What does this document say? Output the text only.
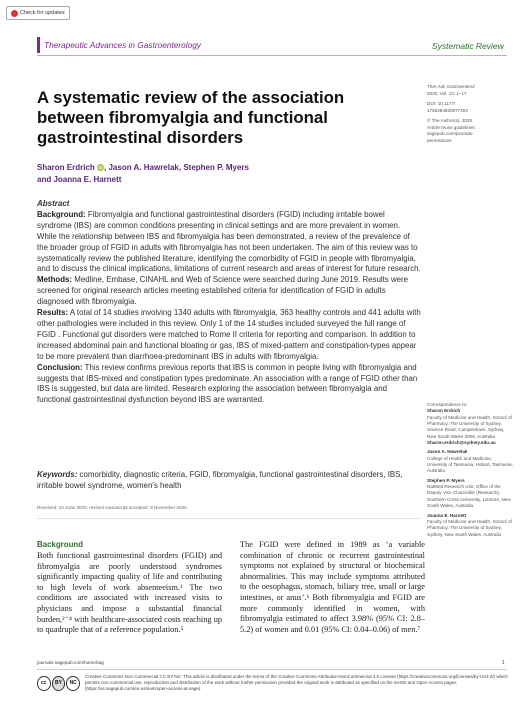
Check for updates
Therapeutic Advances in Gastroenterology	Systematic Review
Ther Adv Gastroenterol
2020, Vol. 13: 1–17
DOI: 10.1177/
1756284820977402
© The Author(s), 2020.
Article reuse guidelines:
sagepub.com/journals-
permissions
A systematic review of the association between fibromyalgia and functional gastrointestinal disorders
Sharon Erdrich iD, Jason A. Hawrelak, Stephen P. Myers
and Joanna E. Harnett
Abstract

Background: Fibromyalgia and functional gastrointestinal disorders (FGID) including irritable bowel syndrome (IBS) are common conditions presenting in clinical settings and are more prevalent in women. While the relationship between IBS and fibromyalgia has been demonstrated, a review of the prevalence of the broader group of FGID in adults with fibromyalgia has not been undertaken. The aim of this review was to systematically review the published literature, identifying the comorbidity of FGID in people with fibromyalgia, and to discuss the clinical implications, limitations of current research and areas of interest for future research.

Methods: Medline, Embase, CINAHL and Web of Science were searched during June 2019. Results were screened for original research articles meeting established criteria for identification of FGID in adults diagnosed with fibromyalgia.

Results: A total of 14 studies involving 1340 adults with fibromyalgia, 363 healthy controls and 441 adults with other pathologies were included in this review. Only 1 of the 14 studies included surveyed the full range of FGID . Functional gut disorders were matched to Rome II criteria for reporting and comparison. In addition to increased abdominal pain and functional bloating or gas, IBS of mixed-pattern and constipation-types appear to be more prevalent than diarrhoea-predominant IBS in adults with fibromyalgia.

Conclusion: This review confirms previous reports that IBS is common in people living with fibromyalgia and suggests that IBS-mixed and constipation types predominate. An association with a range of FGID other than IBS is suggested, but data are limited. Research exploring the association between fibromyalgia and functional gastrointestinal dysfunction beyond IBS are warranted.

Keywords: comorbidity, diagnostic criteria, FGID, fibromyalgia, functional gastrointestinal disorders, IBS, irritable bowel syndrome, women's health
Received: 24 June 2020; revised manuscript accepted: 9 November 2020.
Correspondence to:
Sharon Erdrich
Faculty of Medicine and Health, School of Pharmacy, The University of Sydney, Science Road, Camperdown, Sydney, New South Wales 2006, Australia
Sharon.erdrich@sydney.edu.au
Jason A. Hawrelak
College of Health and Medicine, University of Tasmania, Hobart, Tasmania, Australia
Stephen P. Myers
NatMed Research Unit, Office of the Deputy Vice Chancellor (Research), Southern Cross University, Lismore, New South Wales, Australia
Joanna E. Harnett
Faculty of Medicine and Health, School of Pharmacy, The University of Sydney, Sydney, New South Wales, Australia
Background
Both functional gastrointestinal disorders (FGID) and fibromyalgia are poorly understood syndromes significantly impacting quality of life and contributing to high levels of work absenteeism.¹ The two conditions are associated with increased visits to physicians and impose a substantial financial burden,²⁻⁴ with healthcare-associated costs reaching up to quadruple that of a reference population.⁵
The FGID were defined in 1989 as ‘a variable combination of chronic or recurrent gastrointestinal symptoms not explained by structural or biochemical abnormalities. This may include symptoms attributed to the oesophagus, stomach, biliary tree, small or large intestines, or anus’.⁶ Both fibromyalgia and FGID are more commonly identified in women, with fibromyalgia estimated to affect 3.98% (95% CI: 2.8–5.2) of women and 0.01 (95% CI: 0.04–0.06) of men.⁷
journals.sagepub.com/home/tag	1
cc	BY	NC
Creative Commons Non Commercial CC BY-NC: This article is distributed under the terms of the Creative Commons Attribution-NonCommercial 4.0 License (https://creativecommons.org/licenses/by-nc/4.0/) which permits non-commercial use, reproduction and distribution of the work without further permission provided the original work is attributed as specified on the SAGE and Open Access pages (https://us.sagepub.com/en-us/nam/open-access-at-sage).
